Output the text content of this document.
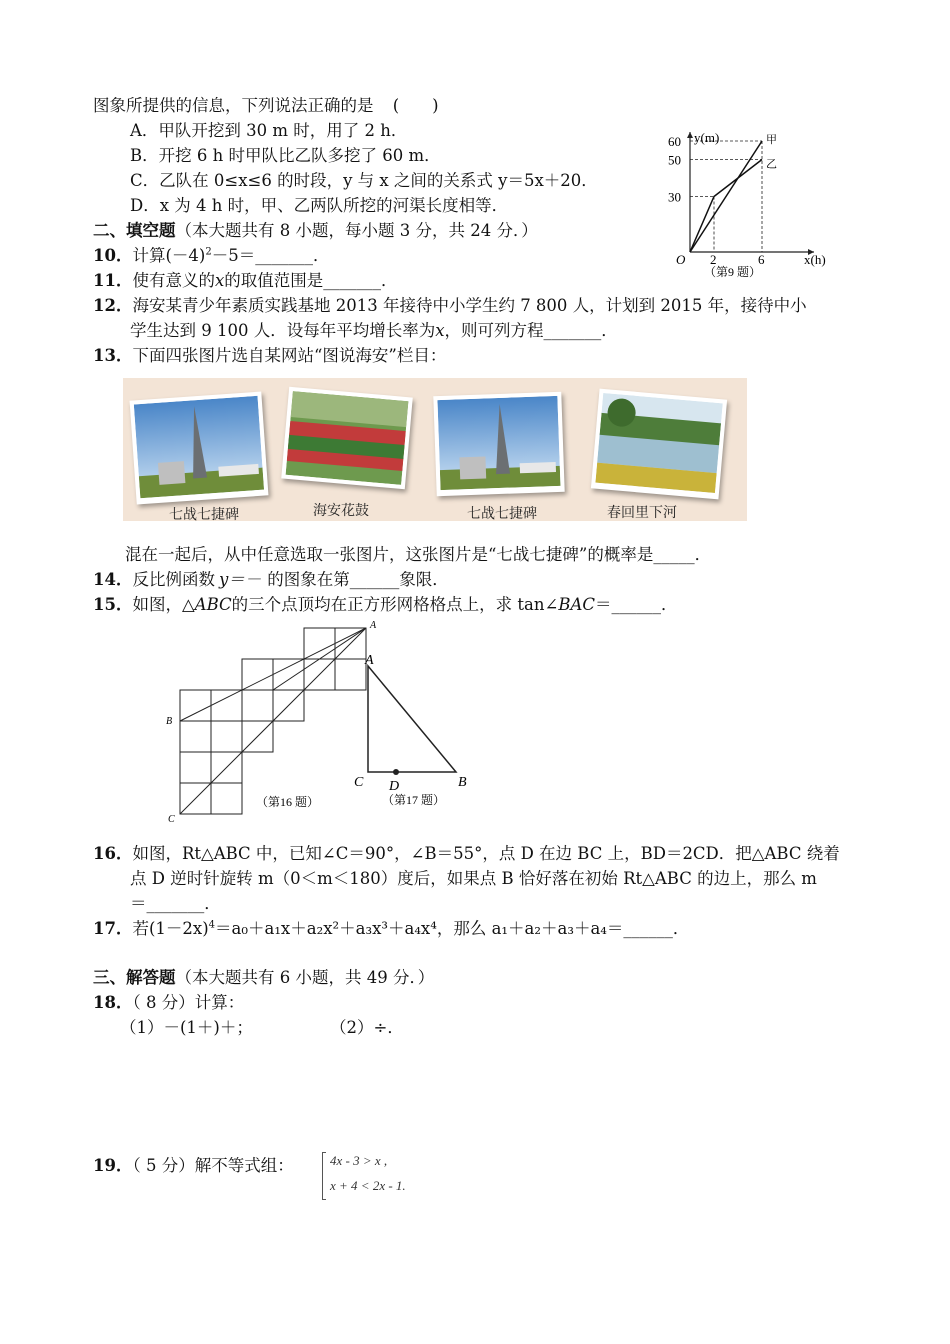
图象所提供的信息，下列说法正确的是 (　　)
A．甲队开挖到 30 m 时，用了 2 h．
B．开挖 6 h 时甲队比乙队多挖了 60 m．
C．乙队在 0≤x≤6 的时段，y 与 x 之间的关系式 y＝5x＋20．
D．x 为 4 h 时，甲、乙两队所挖的河渠长度相等．
y(m)
x(h)
O
60
50
30
2	6
甲
乙
（第9 题）
二、填空题（本大题共有 8 小题，每小题 3 分，共 24 分．）
10．计算$(-4)^2-5=\_\_\_\_\_\_\_$．
11．使有意义的x的取值范围是_______．
12．海安某青少年素质实践基地 2013 年接待中小学生约 7 800 人，计划到 2015 年，接待中小
学生达到 9 100 人．设每年平均增长率为x，则可列方程_______．
13．下面四张图片选自某网站“图说海安”栏目：
七战七捷碑	海安花鼓	七战七捷碑	春回里下河
混在一起后，从中任意选取一张图片，这张图片是“七战七捷碑”的概率是_____．
14．反比例函数 y＝－ 的图象在第______象限．
15．如图，△ABC的三个点顶均在正方形网格格点上，求 tan∠BAC＝______．
A
B
C
（第16 题）
A
C D	B
（第17 题）
16．如图，Rt△ABC 中，已知∠C＝90°，∠B＝55°，点 D 在边 BC 上，BD＝2CD．把△ABC 绕着
点 D 逆时针旋转 m（0＜m＜180）度后，如果点 B 恰好落在初始 Rt△ABC 的边上，那么 m
＝_______．
17．若$(1-2x)^4=a_0+a_1x+a_2x^2+a_3x^3+a_4x^4$，那么 a₁＋a₂＋a₃＋a₄＝______．
三、解答题（本大题共有 6 小题，共 49 分．）
18．（ 8 分）计算：
（1）－(1＋)＋；	（2）÷．
19．（ 5 分）解不等式组：	4x - 3 > x ,
x + 4 < 2x - 1.
